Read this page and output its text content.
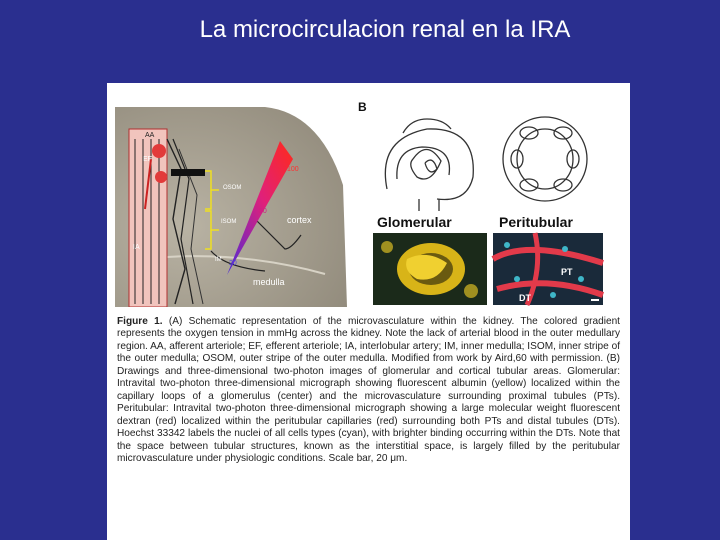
La microcirculacion renal en la IRA
B
AA
EF
IA
IM
OSOM
ISOM	cortex
medulla
100
50
20
Glomerular	Peritubular
PT
DT
Figure 1. (A) Schematic representation of the microvasculature within the kidney. The colored gradient represents the oxygen tension in mmHg across the kidney. Note the lack of arterial blood in the outer medullary region. AA, afferent arteriole; EF, efferent arteriole; IA, interlobular artery; IM, inner medulla; ISOM, inner stripe of the outer medulla; OSOM, outer stripe of the outer medulla. Modified from work by Aird,60 with permission. (B) Drawings and three-dimensional two-photon images of glomerular and cortical tubular areas. Glomerular: Intravital two-photon three-dimensional micrograph showing fluorescent albumin (yellow) localized within the capillary loops of a glomerulus (center) and the microvasculature surrounding proximal tubules (PTs). Peritubular: Intravital two-photon three-dimensional micrograph showing a large molecular weight fluorescent dextran (red) localized within the peritubular capillaries (red) surrounding both PTs and distal tubules (DTs). Hoechst 33342 labels the nuclei of all cells types (cyan), with brighter binding occurring within the DTs. Note that the space between tubular structures, known as the interstitial space, is largely filled by the peritubular microvasculature under physiologic conditions. Scale bar, 20 μm.
